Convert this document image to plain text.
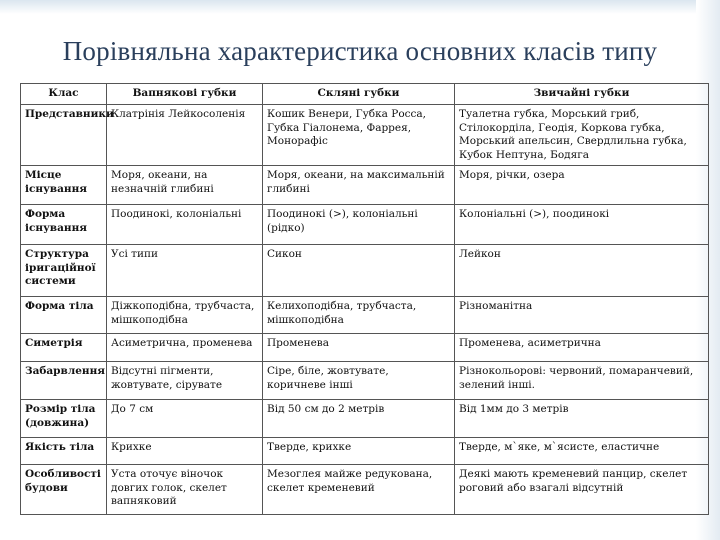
Порівняльна характеристика основних класів типу
Клас	Вапнякові губки	Скляні губки	Звичайні губки
Представники	Клатрінія Лейкосоленія	Кошик Венери, Губка Росса, Губка Гіалонема, Фаррея, Монорафіс	Туалетна губка, Морський гриб, Стілокорділа, Геодія, Коркова губка, Морський апельсин, Свердлильна губка, Кубок Нептуна, Бодяга
Місце існування	Моря, океани, на незначній глибині	Моря, океани, на максимальній глибині	Моря, річки, озера
Форма існування	Поодинокі, колоніальні	Поодинокі (>), колоніальні (рідко)	Колоніальні (>), поодинокі
Структура іригаційної системи	Усі типи	Сикон	Лейкон
Форма тіла	Діжкоподібна, трубчаста, мішкоподібна	Келихоподібна, трубчаста, мішкоподібна	Різноманітна
Симетрія	Асиметрична, променева	Променева	Променева, асиметрична
Забарвлення	Відсутні пігменти, жовтувате, сірувате	Сіре, біле, жовтувате, коричневе інші	Різнокольорові: червоний, помаранчевий, зелений інші.
Розмір тіла (довжина)	До 7 см	Від 50 см до 2 метрів	Від 1мм до 3 метрів
Якість тіла	Крихке	Тверде, крихке	Тверде, м`яке, м`ясисте, еластичне
Особливості будови	Уста оточує віночок довгих голок, скелет вапняковий	Мезоглея майже редукована, скелет кременевий	Деякі мають кременевий панцир, скелет роговий або взагалі відсутній
